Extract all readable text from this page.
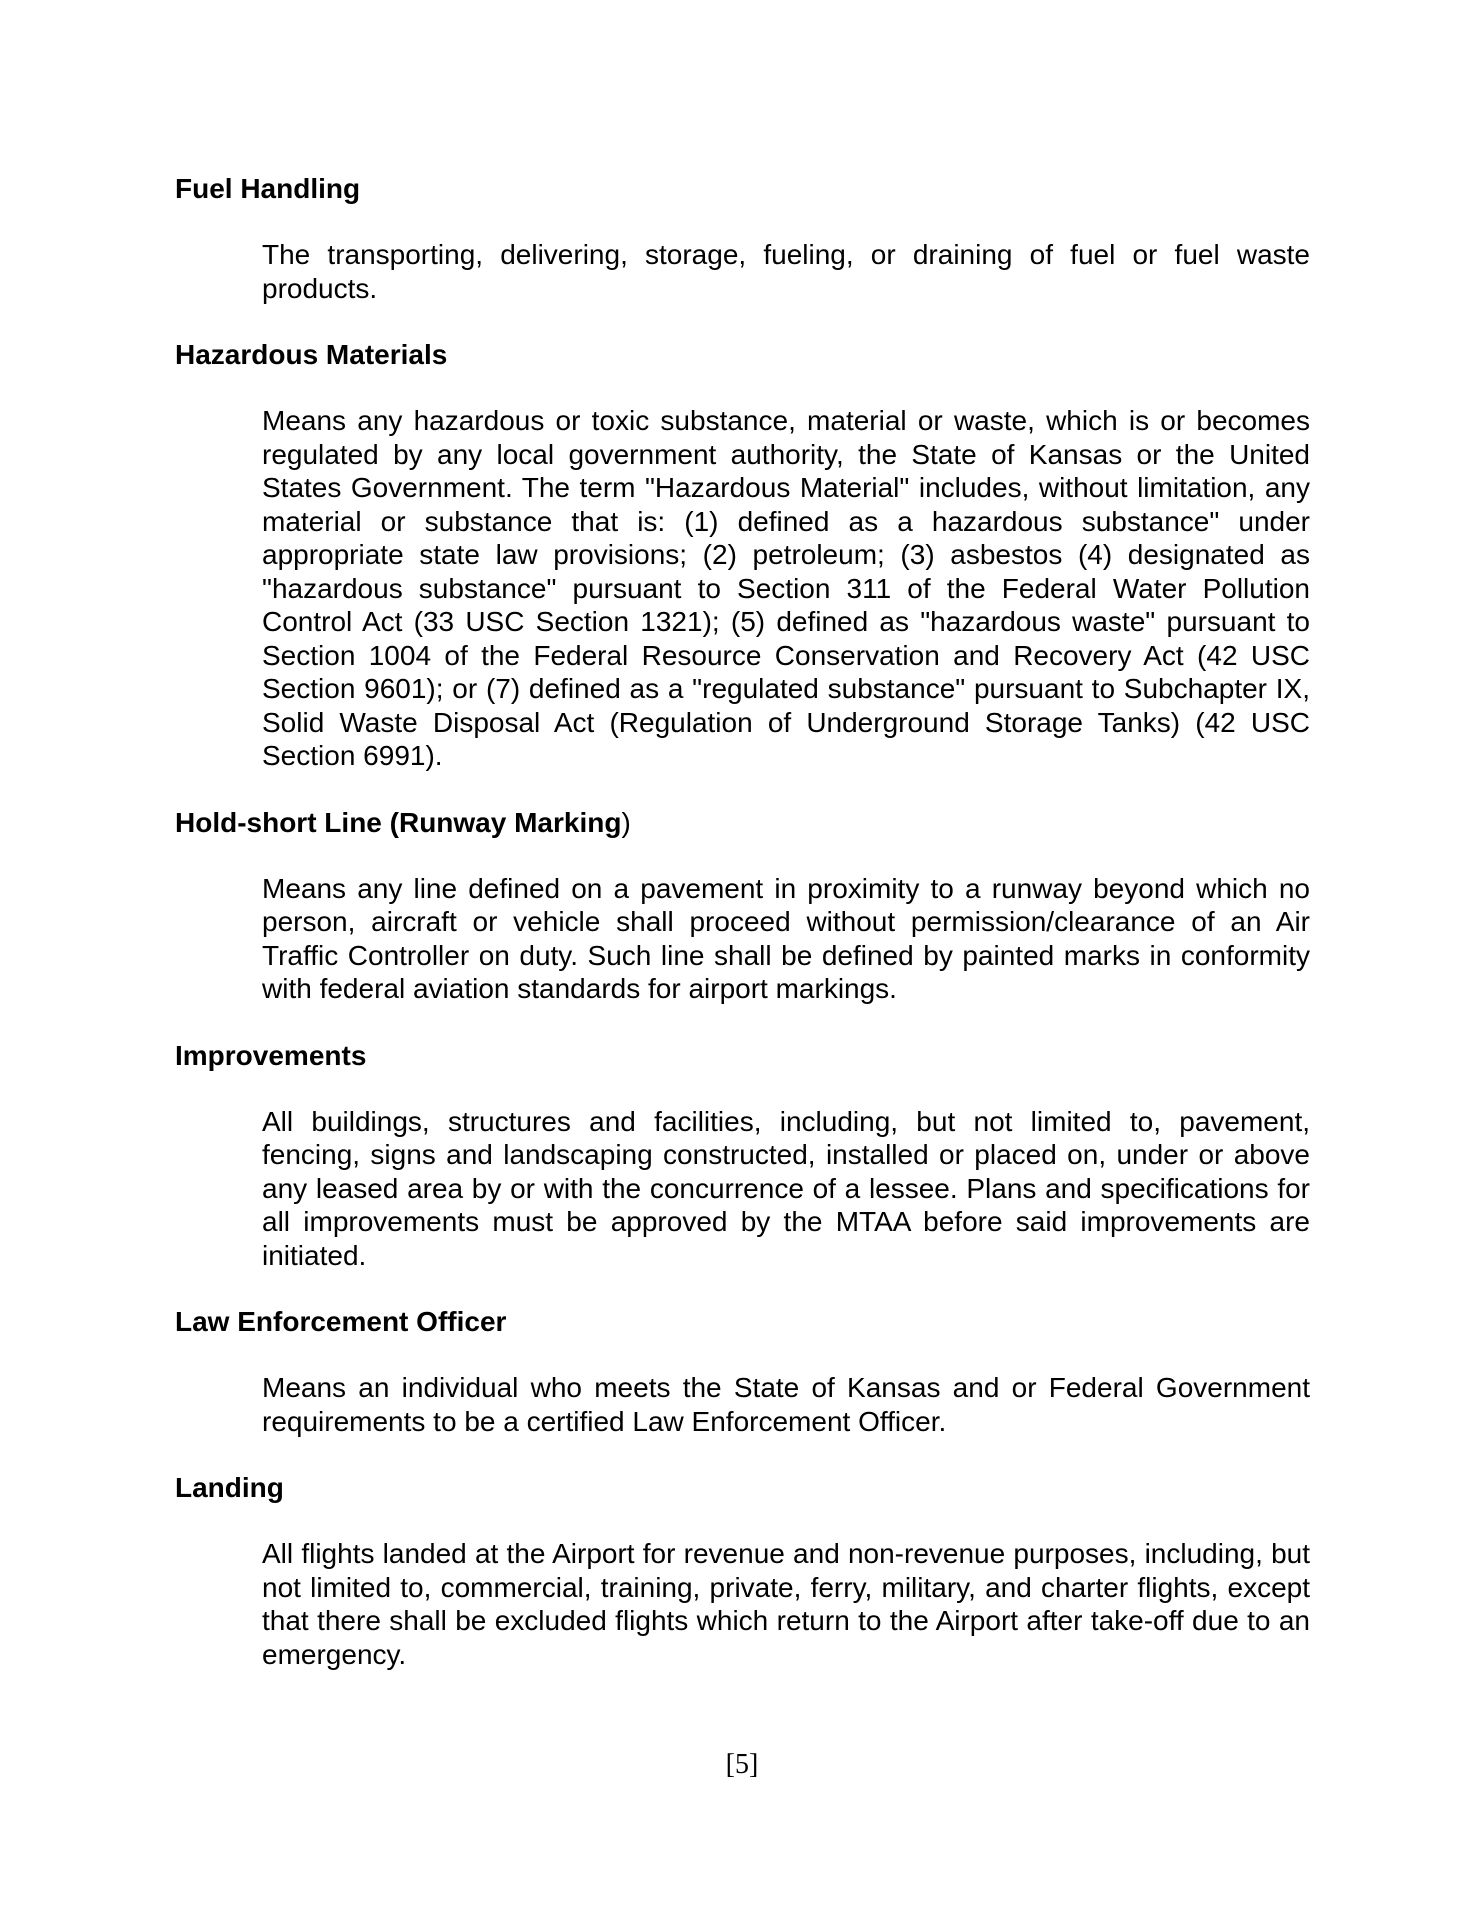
Fuel Handling

The transporting, delivering, storage, fueling, or draining of fuel or fuel waste products.

Hazardous Materials

Means any hazardous or toxic substance, material or waste, which is or becomes regulated by any local government authority, the State of Kansas or the United States Government. The term "Hazardous Material" includes, without limitation, any material or substance that is: (1) defined as a hazardous substance" under appropriate state law provisions; (2) petroleum; (3) asbestos (4) designated as "hazardous substance" pursuant to Section 311 of the Federal Water Pollution Control Act (33 USC Section 1321); (5) defined as "hazardous waste" pursuant to Section 1004 of the Federal Resource Conservation and Recovery Act (42 USC Section 9601); or (7) defined as a "regulated substance" pursuant to Subchapter IX, Solid Waste Disposal Act (Regulation of Underground Storage Tanks) (42 USC Section 6991).

Hold-short Line (Runway Marking)

Means any line defined on a pavement in proximity to a runway beyond which no person, aircraft or vehicle shall proceed without permission/clearance of an Air Traffic Controller on duty. Such line shall be defined by painted marks in conformity with federal aviation standards for airport markings.

Improvements

All buildings, structures and facilities, including, but not limited to, pavement, fencing, signs and landscaping constructed, installed or placed on, under or above any leased area by or with the concurrence of a lessee. Plans and specifications for all improvements must be approved by the MTAA before said improvements are initiated.

Law Enforcement Officer

Means an individual who meets the State of Kansas and or Federal Government requirements to be a certified Law Enforcement Officer.

Landing

All flights landed at the Airport for revenue and non-revenue purposes, including, but not limited to, commercial, training, private, ferry, military, and charter flights, except that there shall be excluded flights which return to the Airport after take-off due to an emergency.

[5]
